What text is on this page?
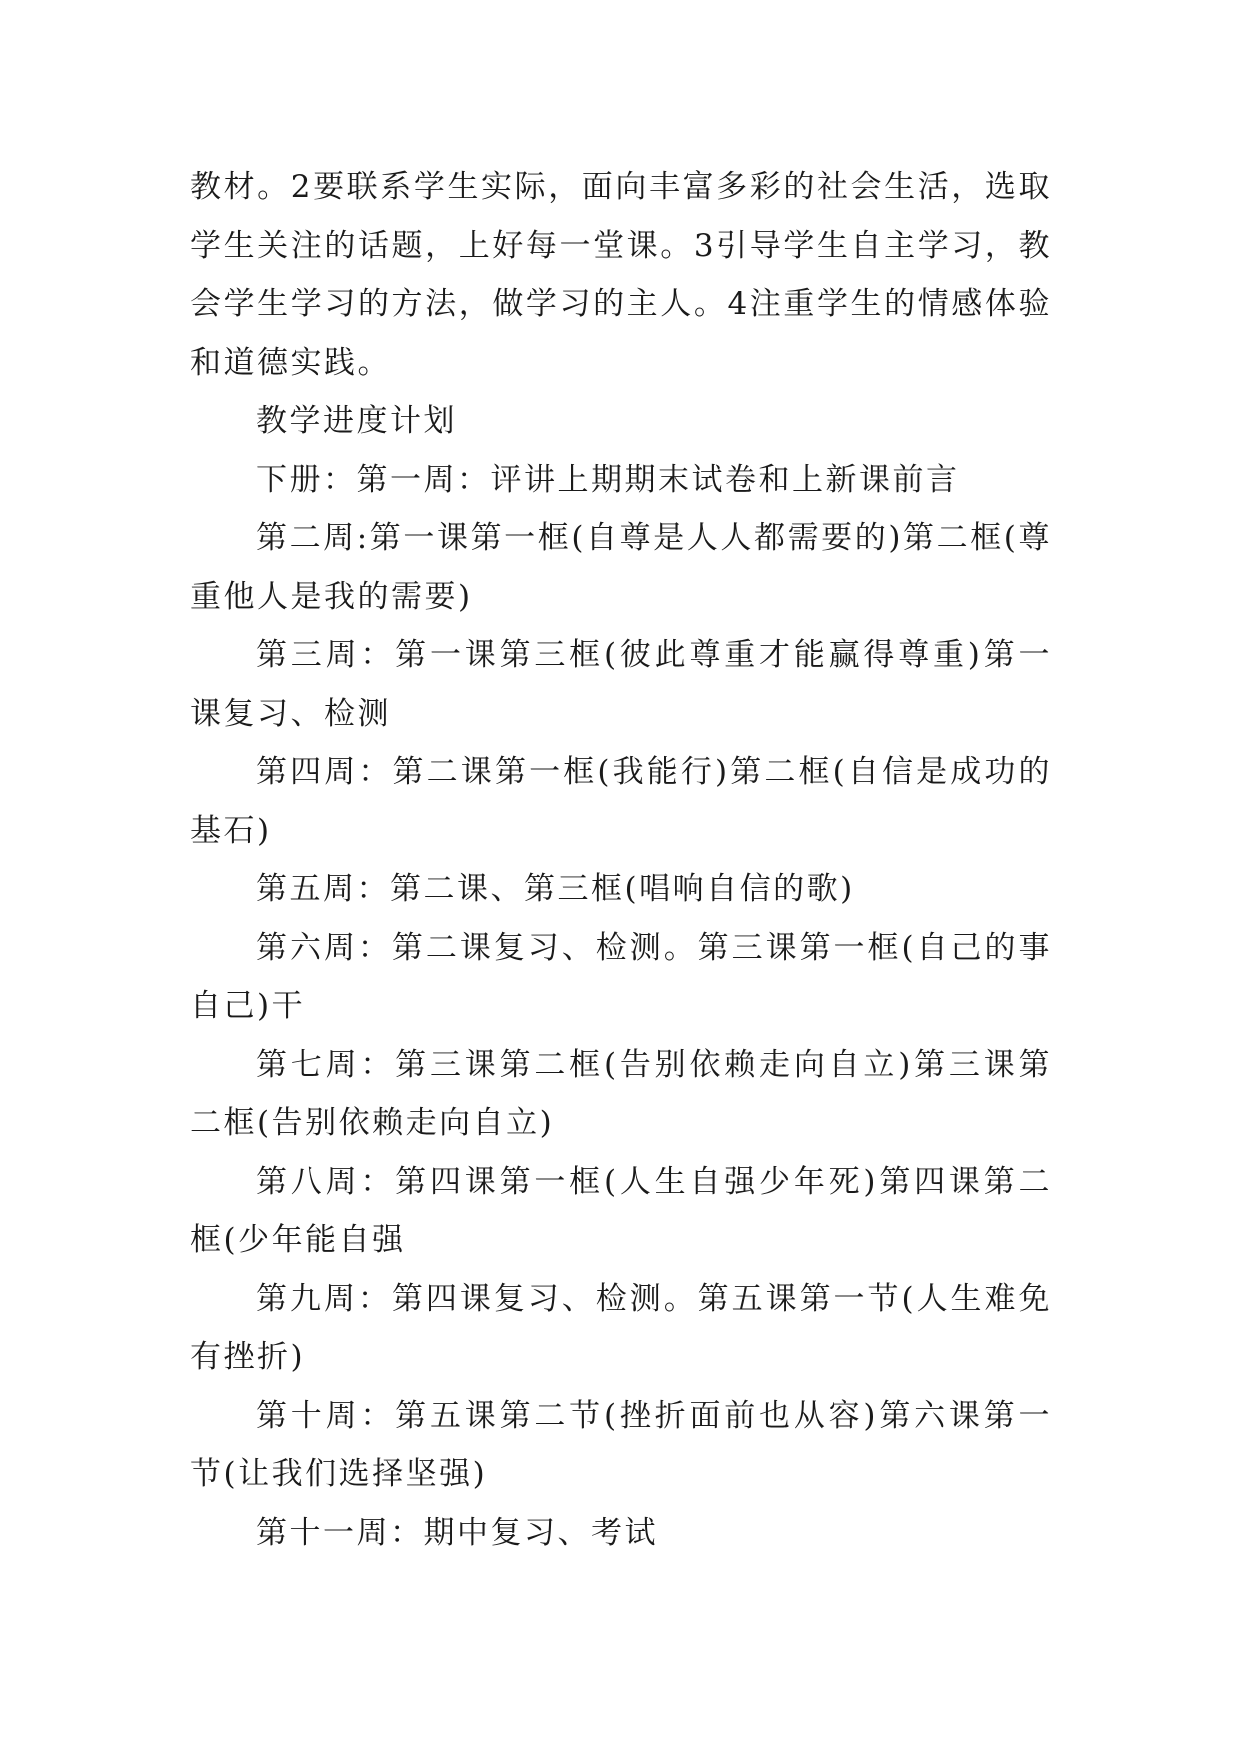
教材。2要联系学生实际，面向丰富多彩的社会生活，选取学生关注的话题，上好每一堂课。3引导学生自主学习，教会学生学习的方法，做学习的主人。4注重学生的情感体验和道德实践。

教学进度计划

下册：第一周：评讲上期期末试卷和上新课前言

第二周:第一课第一框(自尊是人人都需要的)第二框(尊重他人是我的需要)

第三周：第一课第三框(彼此尊重才能赢得尊重)第一课复习、检测

第四周：第二课第一框(我能行)第二框(自信是成功的基石)

第五周：第二课、第三框(唱响自信的歌)

第六周：第二课复习、检测。第三课第一框(自己的事自己)干

第七周：第三课第二框(告别依赖走向自立)第三课第二框(告别依赖走向自立)

第八周：第四课第一框(人生自强少年死)第四课第二框(少年能自强

第九周：第四课复习、检测。第五课第一节(人生难免有挫折)

第十周：第五课第二节(挫折面前也从容)第六课第一节(让我们选择坚强)

第十一周：期中复习、考试
